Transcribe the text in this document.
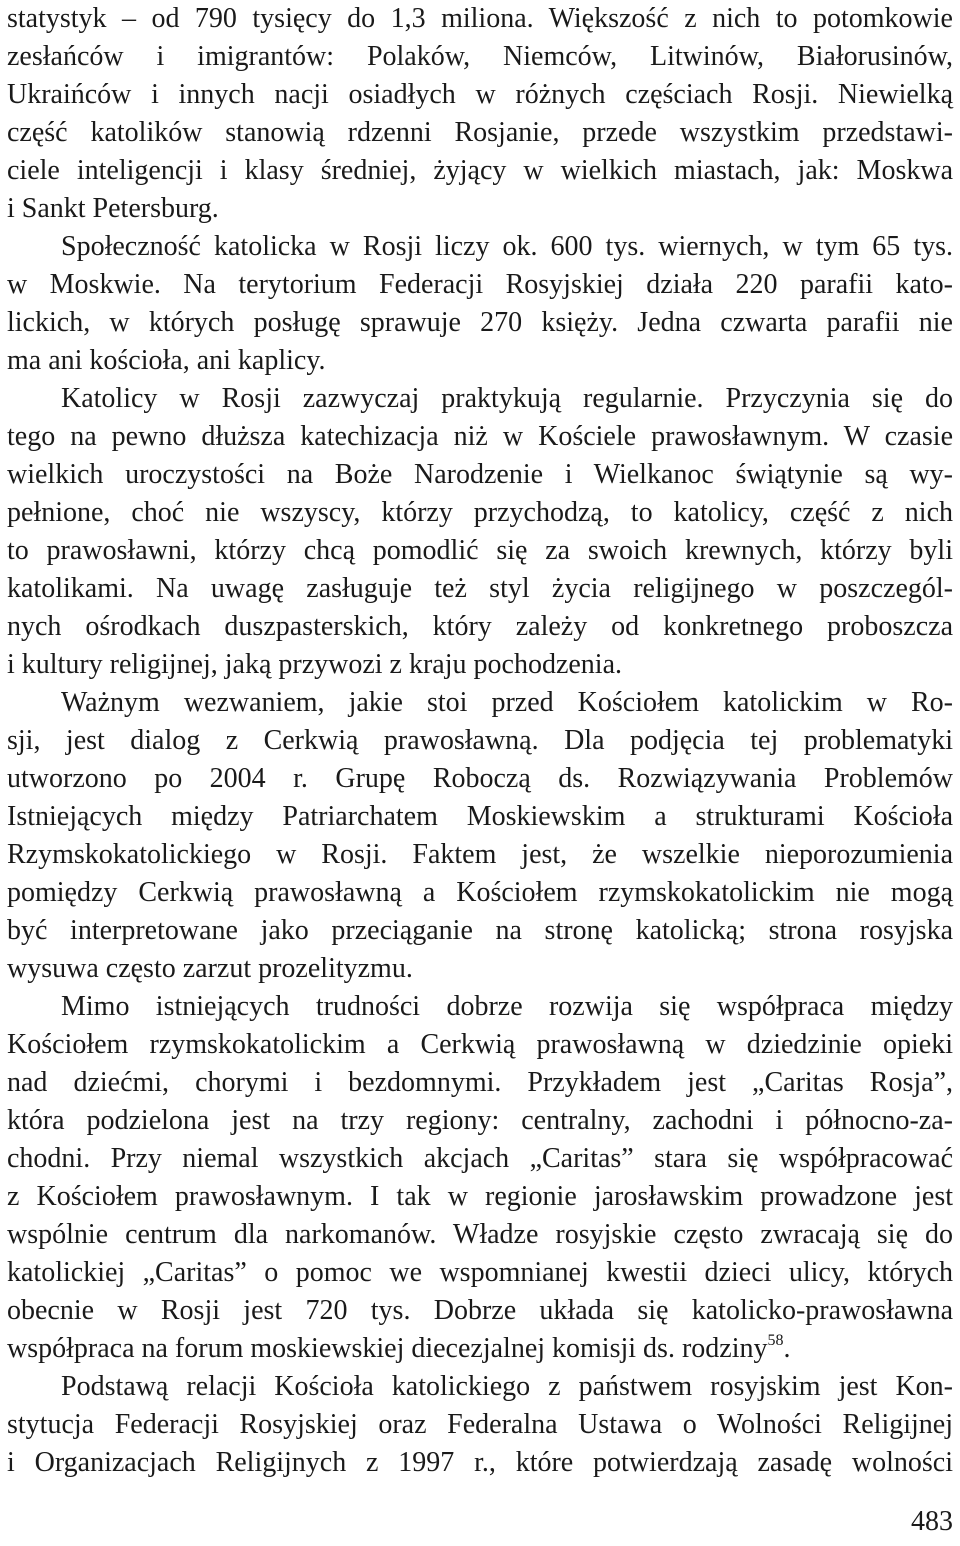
statystyk – od 790 tysięcy do 1,3 miliona. Większość z nich to potomkowie
zesłańców i imigrantów: Polaków, Niemców, Litwinów, Białorusinów,
Ukraińców i innych nacji osiadłych w różnych częściach Rosji. Niewielką
część katolików stanowią rdzenni Rosjanie, przede wszystkim przedstawi-
ciele inteligencji i klasy średniej, żyjący w wielkich miastach, jak: Moskwa
i Sankt Petersburg.
Społeczność katolicka w Rosji liczy ok. 600 tys. wiernych, w tym 65 tys.
w Moskwie. Na terytorium Federacji Rosyjskiej działa 220 parafii kato-
lickich, w których posługę sprawuje 270 księży. Jedna czwarta parafii nie
ma ani kościoła, ani kaplicy.
Katolicy w Rosji zazwyczaj praktykują regularnie. Przyczynia się do
tego na pewno dłuższa katechizacja niż w Kościele prawosławnym. W czasie
wielkich uroczystości na Boże Narodzenie i Wielkanoc świątynie są wy-
pełnione, choć nie wszyscy, którzy przychodzą, to katolicy, część z nich
to prawosławni, którzy chcą pomodlić się za swoich krewnych, którzy byli
katolikami. Na uwagę zasługuje też styl życia religijnego w poszczegól-
nych ośrodkach duszpasterskich, który zależy od konkretnego proboszcza
i kultury religijnej, jaką przywozi z kraju pochodzenia.
Ważnym wezwaniem, jakie stoi przed Kościołem katolickim w Ro-
sji, jest dialog z Cerkwią prawosławną. Dla podjęcia tej problematyki
utworzono po 2004 r. Grupę Roboczą ds. Rozwiązywania Problemów
Istniejących między Patriarchatem Moskiewskim a strukturami Kościoła
Rzymskokatolickiego w Rosji. Faktem jest, że wszelkie nieporozumienia
pomiędzy Cerkwią prawosławną a Kościołem rzymskokatolickim nie mogą
być interpretowane jako przeciąganie na stronę katolicką; strona rosyjska
wysuwa często zarzut prozelityzmu.
Mimo istniejących trudności dobrze rozwija się współpraca między
Kościołem rzymskokatolickim a Cerkwią prawosławną w dziedzinie opieki
nad dziećmi, chorymi i bezdomnymi. Przykładem jest „Caritas Rosja”,
która podzielona jest na trzy regiony: centralny, zachodni i północno-za-
chodni. Przy niemal wszystkich akcjach „Caritas” stara się współpracować
z Kościołem prawosławnym. I tak w regionie jarosławskim prowadzone jest
wspólnie centrum dla narkomanów. Władze rosyjskie często zwracają się do
katolickiej „Caritas” o pomoc we wspomnianej kwestii dzieci ulicy, których
obecnie w Rosji jest 720 tys. Dobrze układa się katolicko-prawosławna
współpraca na forum moskiewskiej diecezjalnej komisji ds. rodziny$^{58}$.
Podstawą relacji Kościoła katolickiego z państwem rosyjskim jest Kon-
stytucja Federacji Rosyjskiej oraz Federalna Ustawa o Wolności Religijnej
i Organizacjach Religijnych z 1997 r., które potwierdzają zasadę wolności
483
